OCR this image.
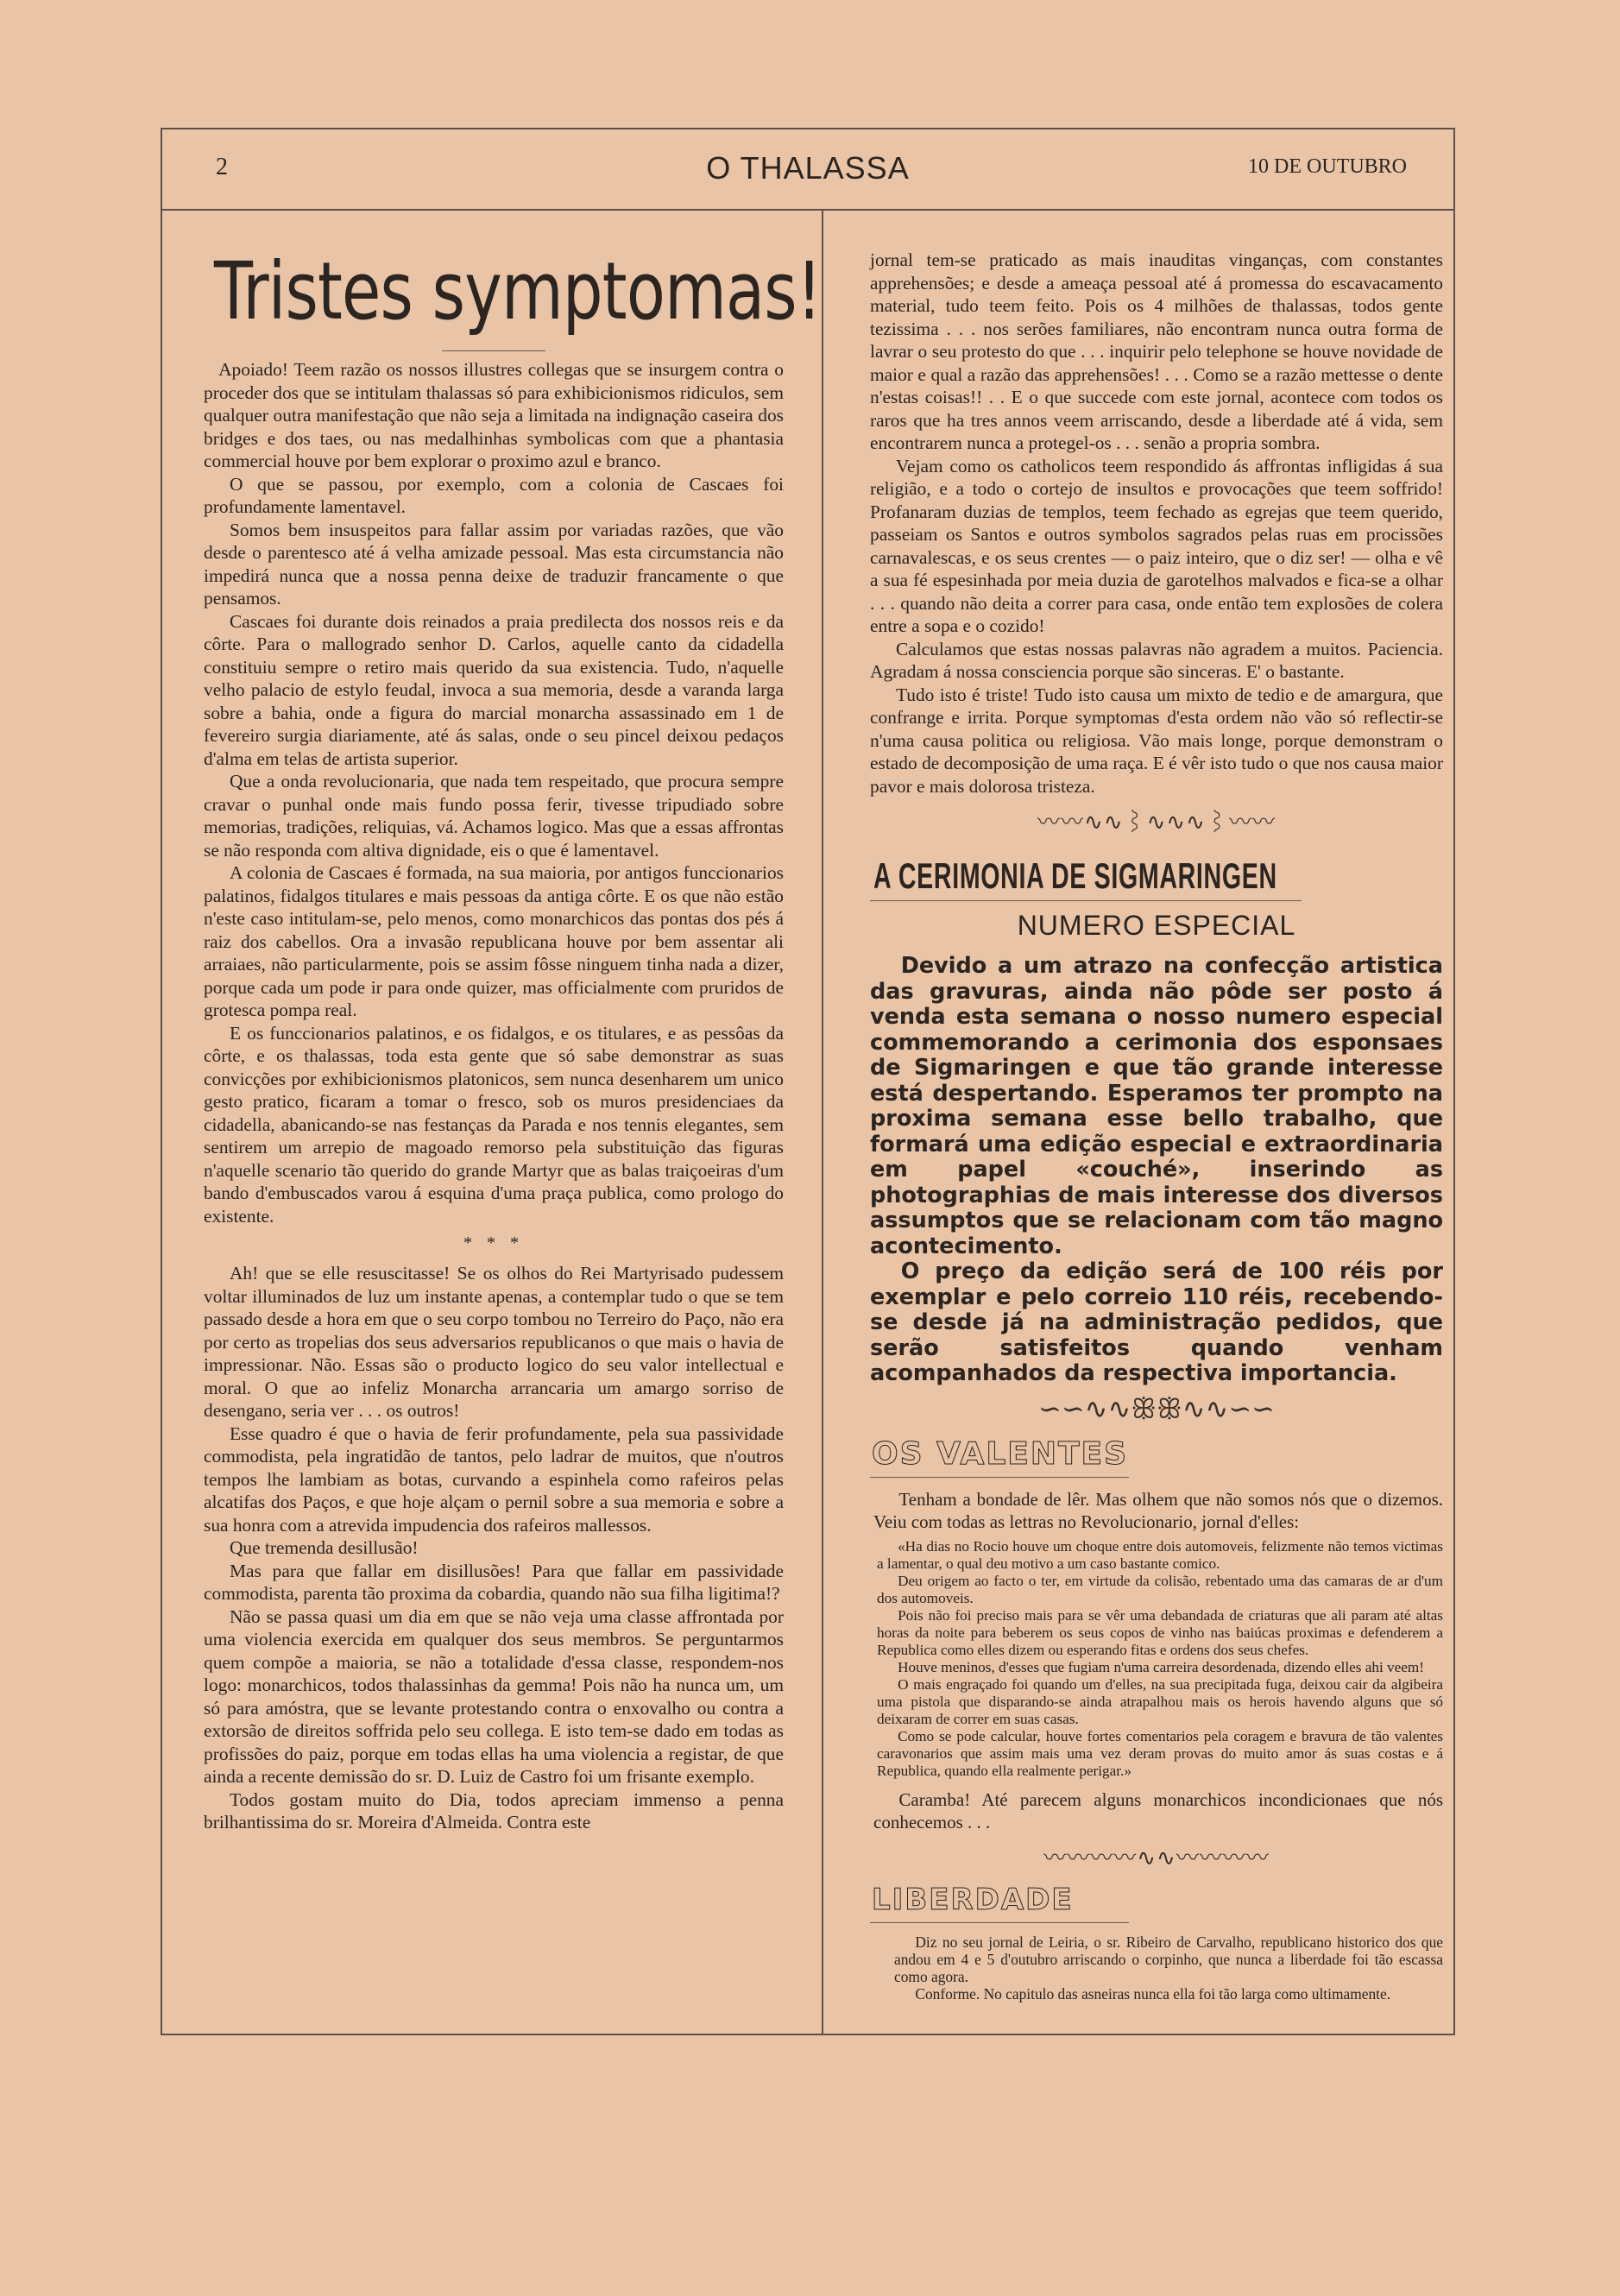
2	O THALASSA	10 DE OUTUBRO
Tristes symptomas!

Apoiado! Teem razão os nossos illustres collegas que se insurgem contra o proceder dos que se intitulam thalassas só para exhibicionismos ridiculos, sem qualquer outra manifestação que não seja a limitada na indignação caseira dos bridges e dos taes, ou nas medalhinhas symbolicas com que a phantasia commercial houve por bem explorar o proximo azul e branco.

O que se passou, por exemplo, com a colonia de Cascaes foi profundamente lamentavel.

Somos bem insuspeitos para fallar assim por variadas razões, que vão desde o parentesco até á velha amizade pessoal. Mas esta circumstancia não impedirá nunca que a nossa penna deixe de traduzir francamente o que pensamos.

Cascaes foi durante dois reinados a praia predilecta dos nossos reis e da côrte. Para o mallogrado senhor D. Carlos, aquelle canto da cidadella constituiu sempre o retiro mais querido da sua existencia. Tudo, n'aquelle velho palacio de estylo feudal, invoca a sua memoria, desde a varanda larga sobre a bahia, onde a figura do marcial monarcha assassinado em 1 de fevereiro surgia diariamente, até ás salas, onde o seu pincel deixou pedaços d'alma em telas de artista superior.

Que a onda revolucionaria, que nada tem respeitado, que procura sempre cravar o punhal onde mais fundo possa ferir, tivesse tripudiado sobre memorias, tradições, reliquias, vá. Achamos logico. Mas que a essas affrontas se não responda com altiva dignidade, eis o que é lamentavel.

A colonia de Cascaes é formada, na sua maioria, por antigos funccionarios palatinos, fidalgos titulares e mais pessoas da antiga côrte. E os que não estão n'este caso intitulam-se, pelo menos, como monarchicos das pontas dos pés á raiz dos cabellos. Ora a invasão republicana houve por bem assentar ali arraiaes, não particularmente, pois se assim fôsse ninguem tinha nada a dizer, porque cada um pode ir para onde quizer, mas officialmente com pruridos de grotesca pompa real.

E os funccionarios palatinos, e os fidalgos, e os titulares, e as pessôas da côrte, e os thalassas, toda esta gente que só sabe demonstrar as suas convicções por exhibicionismos platonicos, sem nunca desenharem um unico gesto pratico, ficaram a tomar o fresco, sob os muros presidenciaes da cidadella, abanicando-se nas festanças da Parada e nos tennis elegantes, sem sentirem um arrepio de magoado remorso pela substituição das figuras n'aquelle scenario tão querido do grande Martyr que as balas traiçoeiras d'um bando d'embuscados varou á esquina d'uma praça publica, como prologo do existente.

* * *

Ah! que se elle resuscitasse! Se os olhos do Rei Martyrisado pudessem voltar illuminados de luz um instante apenas, a contemplar tudo o que se tem passado desde a hora em que o seu corpo tombou no Terreiro do Paço, não era por certo as tropelias dos seus adversarios republicanos o que mais o havia de impressionar. Não. Essas são o producto logico do seu valor intellectual e moral. O que ao infeliz Monarcha arrancaria um amargo sorriso de desengano, seria ver . . . os outros!

Esse quadro é que o havia de ferir profundamente, pela sua passividade commodista, pela ingratidão de tantos, pelo ladrar de muitos, que n'outros tempos lhe lambiam as botas, curvando a espinhela como rafeiros pelas alcatifas dos Paços, e que hoje alçam o pernil sobre a sua memoria e sobre a sua honra com a atrevida impudencia dos rafeiros mallessos.

Que tremenda desillusão!

Mas para que fallar em disillusões! Para que fallar em passividade commodista, parenta tão proxima da cobardia, quando não sua filha ligitima!?

Não se passa quasi um dia em que se não veja uma classe affrontada por uma violencia exercida em qualquer dos seus membros. Se perguntarmos quem compõe a maioria, se não a totalidade d'essa classe, respondem-nos logo: monarchicos, todos thalassinhas da gemma! Pois não ha nunca um, um só para amóstra, que se levante protestando contra o enxovalho ou contra a extorsão de direitos soffrida pelo seu collega. E isto tem-se dado em todas as profissões do paiz, porque em todas ellas ha uma violencia a registar, de que ainda a recente demissão do sr. D. Luiz de Castro foi um frisante exemplo.

Todos gostam muito do Dia, todos apreciam immenso a penna brilhantissima do sr. Moreira d'Almeida. Contra este

jornal tem-se praticado as mais inauditas vinganças, com constantes apprehensões; e desde a ameaça pessoal até á promessa do escavacamento material, tudo teem feito. Pois os 4 milhões de thalassas, todos gente tezissima . . . nos serões familiares, não encontram nunca outra forma de lavrar o seu protesto do que . . . inquirir pelo telephone se houve novidade de maior e qual a razão das apprehensões! . . . Como se a razão mettesse o dente n'estas coisas!! . . E o que succede com este jornal, acontece com todos os raros que ha tres annos veem arriscando, desde a liberdade até á vida, sem encontrarem nunca a protegel-os . . . senão a propria sombra.

Vejam como os catholicos teem respondido ás affrontas infligidas á sua religião, e a todo o cortejo de insultos e provocações que teem soffrido! Profanaram duzias de templos, teem fechado as egrejas que teem querido, passeiam os Santos e outros symbolos sagrados pelas ruas em procissões carnavalescas, e os seus crentes — o paiz inteiro, que o diz ser! — olha e vê a sua fé espesinhada por meia duzia de garotelhos malvados e fica-se a olhar . . . quando não deita a correr para casa, onde então tem explosões de colera entre a sopa e o cozido!

Calculamos que estas nossas palavras não agradem a muitos. Paciencia. Agradam á nossa consciencia porque são sinceras. E' o bastante.

Tudo isto é triste! Tudo isto causa um mixto de tedio e de amargura, que confrange e irrita. Porque symptomas d'esta ordem não vão só reflectir-se n'uma causa politica ou religiosa. Vão mais longe, porque demonstram o estado de decomposição de uma raça. E é vêr isto tudo o que nos causa maior pavor e mais dolorosa tristeza.

〰〰∿∿⌇∿∿∿⌇〰〰
A CERIMONIA DE SIGMARINGEN
NUMERO ESPECIAL

Devido a um atrazo na confecção artistica das gravuras, ainda não pôde ser posto á venda esta semana o nosso numero especial commemorando a cerimonia dos esponsaes de Sigmaringen e que tão grande interesse está despertando. Esperamos ter prompto na proxima semana esse bello trabalho, que formará uma edição especial e extraordinaria em papel «couché», inserindo as photographias de mais interesse dos diversos assumptos que se relacionam com tão magno acontecimento.

O preço da edição será de 100 réis por exemplar e pelo correio 110 réis, recebendo-se desde já na administração pedidos, que serão satisfeitos quando venham acompanhados da respectiva importancia.

∽∽∿∿ꕥꕥ∿∿∽∽
OS VALENTES

Tenham a bondade de lêr. Mas olhem que não somos nós que o dizemos. Veiu com todas as lettras no Revolucionario, jornal d'elles:

«Ha dias no Rocio houve um choque entre dois automoveis, felizmente não temos victimas a lamentar, o qual deu motivo a um caso bastante comico.

Deu origem ao facto o ter, em virtude da colisão, rebentado uma das camaras de ar d'um dos automoveis.

Pois não foi preciso mais para se vêr uma debandada de criaturas que ali param até altas horas da noite para beberem os seus copos de vinho nas baiúcas proximas e defenderem a Republica como elles dizem ou esperando fitas e ordens dos seus chefes.

Houve meninos, d'esses que fugiam n'uma carreira desordenada, dizendo elles ahi veem!

O mais engraçado foi quando um d'elles, na sua precipitada fuga, deixou cair da algibeira uma pistola que disparando-se ainda atrapalhou mais os herois havendo alguns que só deixaram de correr em suas casas.

Como se pode calcular, houve fortes comentarios pela coragem e bravura de tão valentes caravonarios que assim mais uma vez deram provas do muito amor ás suas costas e á Republica, quando ella realmente perigar.»

Caramba! Até parecem alguns monarchicos incondicionaes que nós conhecemos . . .

〰〰〰〰∿∿〰〰〰〰
LIBERDADE

Diz no seu jornal de Leiria, o sr. Ribeiro de Carvalho, republicano historico dos que andou em 4 e 5 d'outubro arriscando o corpinho, que nunca a liberdade foi tão escassa como agora.

Conforme. No capitulo das asneiras nunca ella foi tão larga como ultimamente.
